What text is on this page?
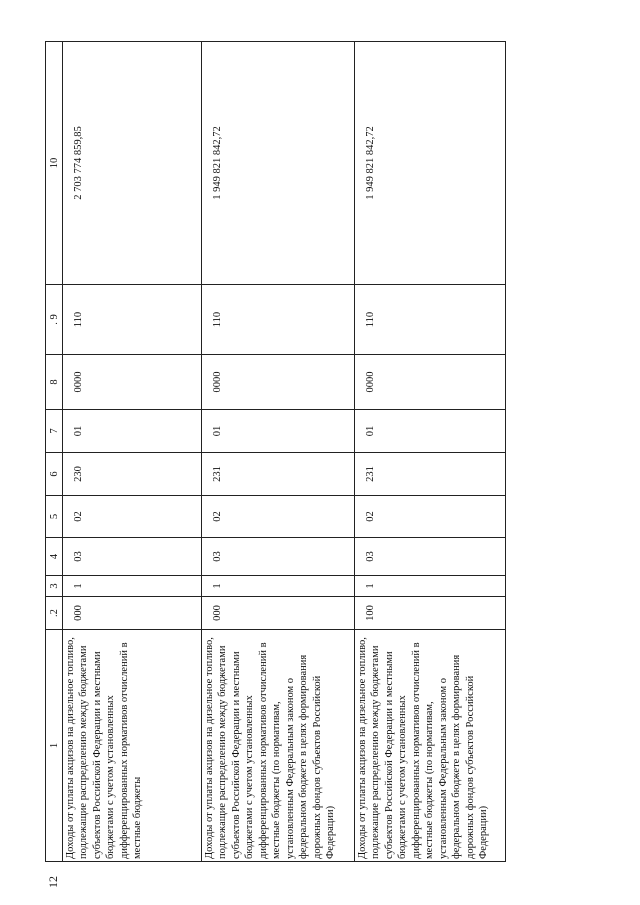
12
1	.2	3	4	5	6	7	8	. 9	10
Доходы от уплаты акцизов на дизельное топливо, подлежащие распределению между бюджетами субъектов Российской Федерации и местными бюджетами с учетом установленных дифференцированных нормативов отчислений в местные бюджеты	000	1	03	02	230	01	0000	110	2 703 774 859,85
Доходы от уплаты акцизов на дизельное топливо, подлежащие распределению между бюджетами субъектов Российской Федерации и местными бюджетами с учетом установленных дифференцированных нормативов отчислений в местные бюджеты (по нормативам, установленным Федеральным законом о федеральном бюджете в целях формирования дорожных фондов субъектов Российской Федерации)	000	1	03	02	231	01	0000	110	1 949 821 842,72
Доходы от уплаты акцизов на дизельное топливо, подлежащие распределению между бюджетами субъектов Российской Федерации и местными бюджетами с учетом установленных дифференцированных нормативов отчислений в местные бюджеты (по нормативам, установленным Федеральным законом о федеральном бюджете в целях формирования дорожных фондов субъектов Российской Федерации)	100	1	03	02	231	01	0000	110	1 949 821 842,72
